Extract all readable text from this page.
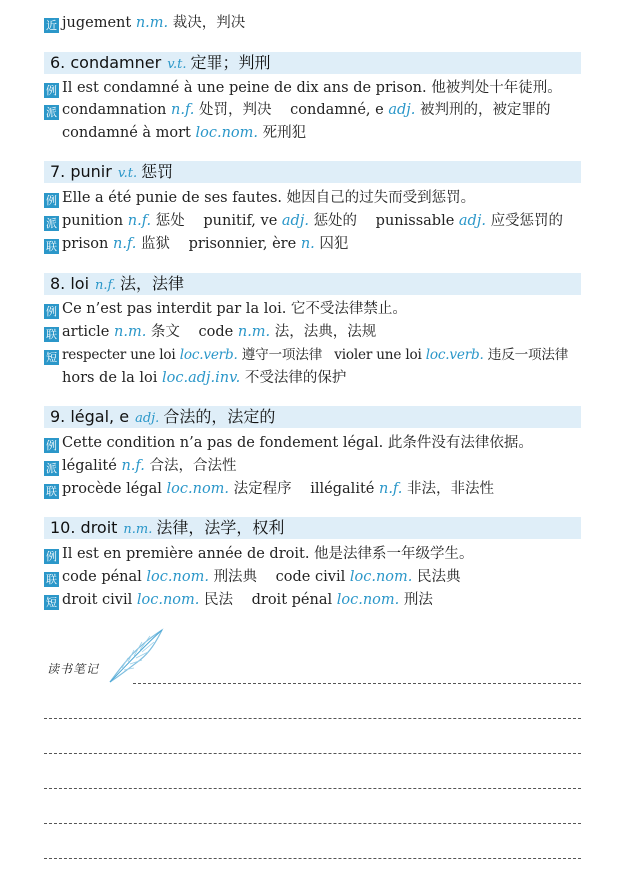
近 jugement n.m. 裁决，判决
6. condamner v.t. 定罪；判刑
例 Il est condamné à une peine de dix ans de prison. 他被判处十年徒刑。
派 condamnation n.f. 处罚，判决 condamné, e adj. 被判刑的，被定罪的
condamné à mort loc.nom. 死刑犯
7. punir v.t. 惩罚
例 Elle a été punie de ses fautes. 她因自己的过失而受到惩罚。
派 punition n.f. 惩处 punitif, ve adj. 惩处的 punissable adj. 应受惩罚的
联 prison n.f. 监狱 prisonnier, ère n. 囚犯
8. loi n.f. 法，法律
例 Ce n’est pas interdit par la loi. 它不受法律禁止。
联 article n.m. 条文 code n.m. 法，法典，法规
短 respecter une loi loc.verb. 遵守一项法律 violer une loi loc.verb. 违反一项法律
hors de la loi loc.adj.inv. 不受法律的保护
9. légal, e adj. 合法的，法定的
例 Cette condition n’a pas de fondement légal. 此条件没有法律依据。
派 légalité n.f. 合法，合法性
联 procède légal loc.nom. 法定程序 illégalité n.f. 非法，非法性
10. droit n.m. 法律，法学，权利
例 Il est en première année de droit. 他是法律系一年级学生。
联 code pénal loc.nom. 刑法典 code civil loc.nom. 民法典
短 droit civil loc.nom. 民法 droit pénal loc.nom. 刑法
读书笔记
